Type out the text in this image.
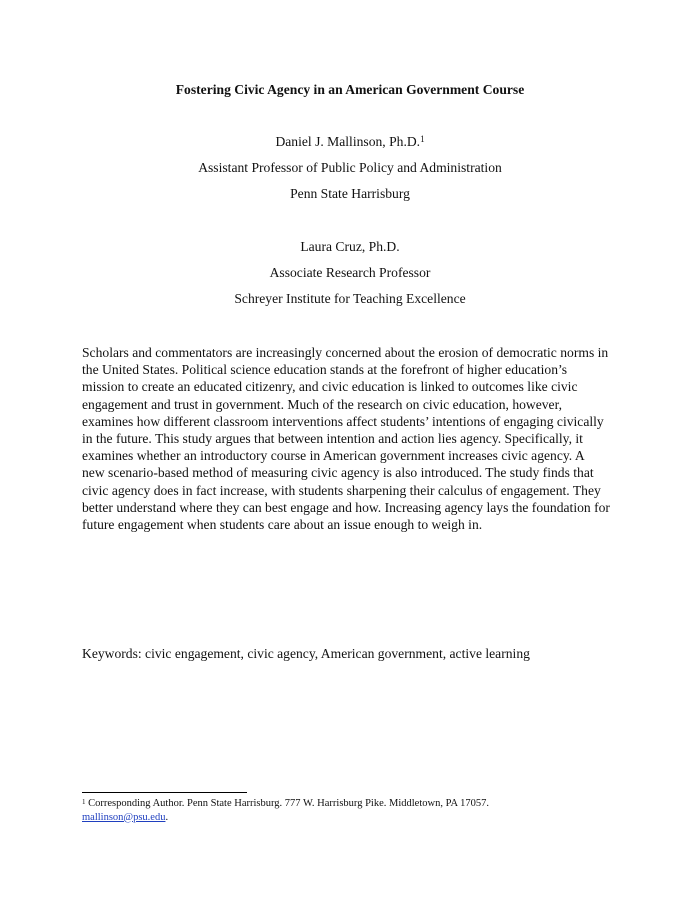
Fostering Civic Agency in an American Government Course
Daniel J. Mallinson, Ph.D.$^1$
Assistant Professor of Public Policy and Administration
Penn State Harrisburg
Laura Cruz, Ph.D.
Associate Research Professor
Schreyer Institute for Teaching Excellence
Scholars and commentators are increasingly concerned about the erosion of democratic norms in
the United States. Political science education stands at the forefront of higher education’s
mission to create an educated citizenry, and civic education is linked to outcomes like civic
engagement and trust in government. Much of the research on civic education, however,
examines how different classroom interventions affect students’ intentions of engaging civically
in the future. This study argues that between intention and action lies agency. Specifically, it
examines whether an introductory course in American government increases civic agency. A
new scenario-based method of measuring civic agency is also introduced. The study finds that
civic agency does in fact increase, with students sharpening their calculus of engagement. They
better understand where they can best engage and how. Increasing agency lays the foundation for
future engagement when students care about an issue enough to weigh in.
Keywords: civic engagement, civic agency, American government, active learning
$^1$ Corresponding Author. Penn State Harrisburg. 777 W. Harrisburg Pike. Middletown, PA 17057.
mallinson@psu.edu.
